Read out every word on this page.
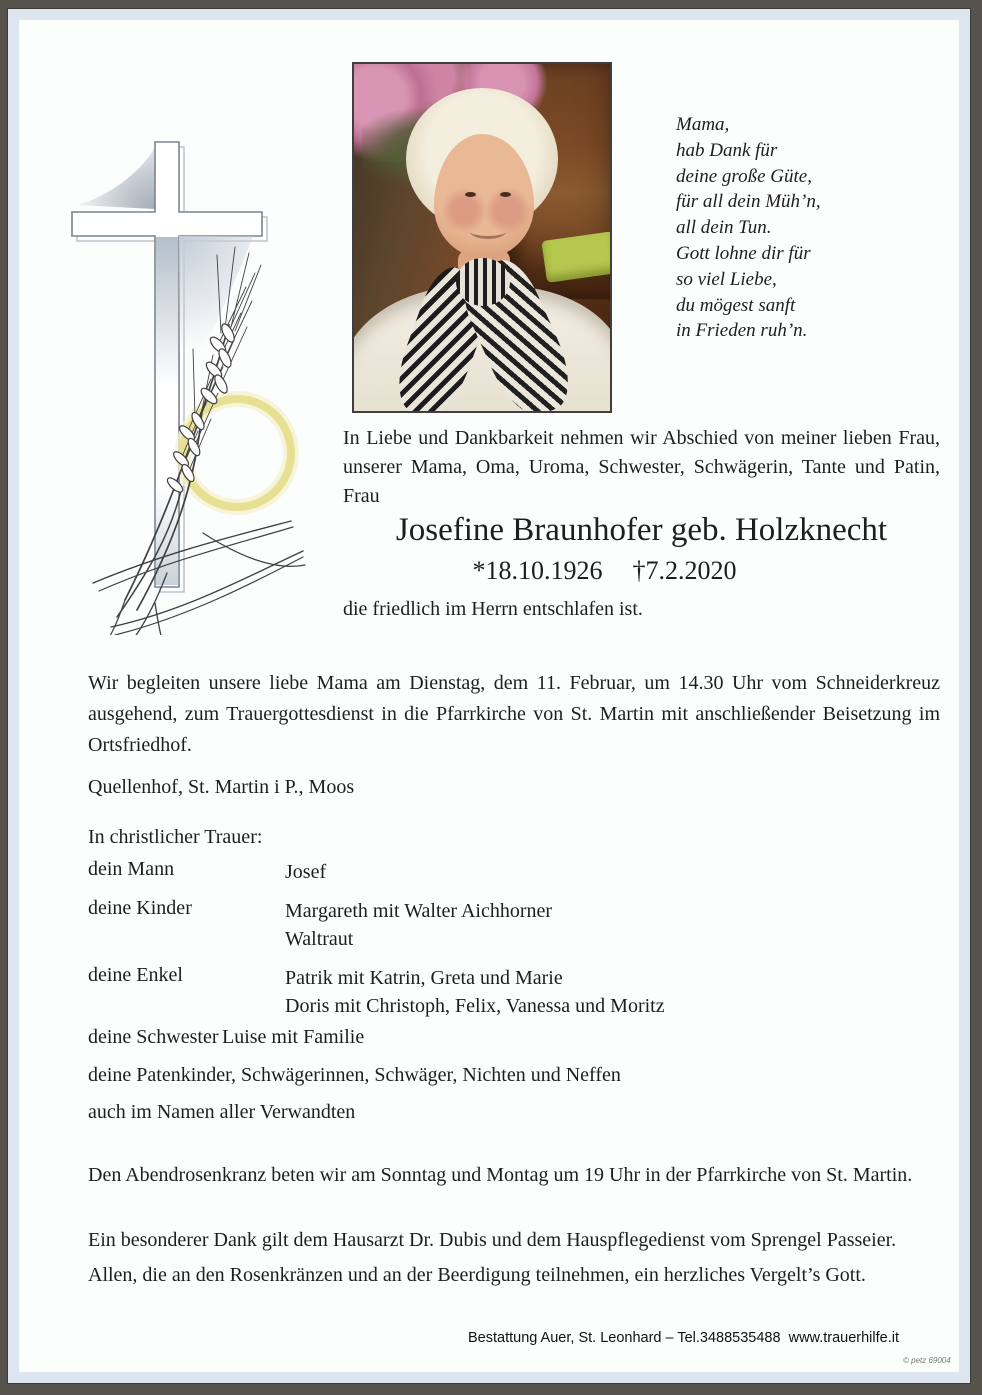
Mama,
hab Dank für
deine große Güte,
für all dein Müh’n,
all dein Tun.
Gott lohne dir für
so viel Liebe,
du mögest sanft
in Frieden ruh’n.
In Liebe und Dankbarkeit nehmen wir Abschied von meiner lieben Frau, unserer Mama, Oma, Uroma, Schwester, Schwägerin, Tante und Patin, Frau
Josefine Braunhofer geb. Holzknecht
*18.10.1926 †7.2.2020
die friedlich im Herrn entschlafen ist.
Wir begleiten unsere liebe Mama am Dienstag, dem 11. Februar, um 14.30 Uhr vom Schneiderkreuz ausgehend, zum Trauergottesdienst in die Pfarrkirche von St. Martin mit anschließender Beisetzung im Ortsfriedhof.
Quellenhof, St. Martin i P., Moos
In christlicher Trauer:
dein Mann	Josef
deine Kinder	Margareth mit Walter Aichhorner
Waltraut
deine Enkel	Patrik mit Katrin, Greta und Marie
Doris mit Christoph, Felix, Vanessa und Moritz
deine Schwester Luise mit Familie
deine Patenkinder, Schwägerinnen, Schwäger, Nichten und Neffen
auch im Namen aller Verwandten
Den Abendrosenkranz beten wir am Sonntag und Montag um 19 Uhr in der Pfarrkirche von St. Martin.
Ein besonderer Dank gilt dem Hausarzt Dr. Dubis und dem Hauspflegedienst vom Sprengel Passeier.
Allen, die an den Rosenkränzen und an der Beerdigung teilnehmen, ein herzliches Vergelt’s Gott.
Bestattung Auer, St. Leonhard – Tel.3488535488  www.trauerhilfe.it
© petz 69004
